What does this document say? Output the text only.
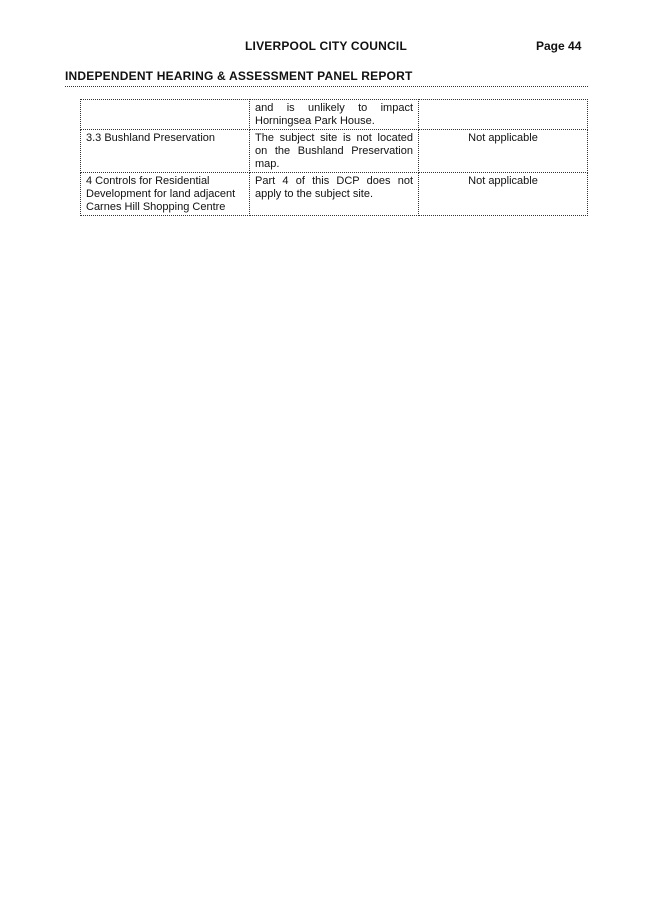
LIVERPOOL CITY COUNCIL	Page 44
INDEPENDENT HEARING & ASSESSMENT PANEL REPORT
	and is unlikely to impact Horningsea Park House.	
3.3 Bushland Preservation	The subject site is not located on the Bushland Preservation map.	Not applicable
4 Controls for Residential Development for land adjacent Carnes Hill Shopping Centre	Part 4 of this DCP does not apply to the subject site.	Not applicable
